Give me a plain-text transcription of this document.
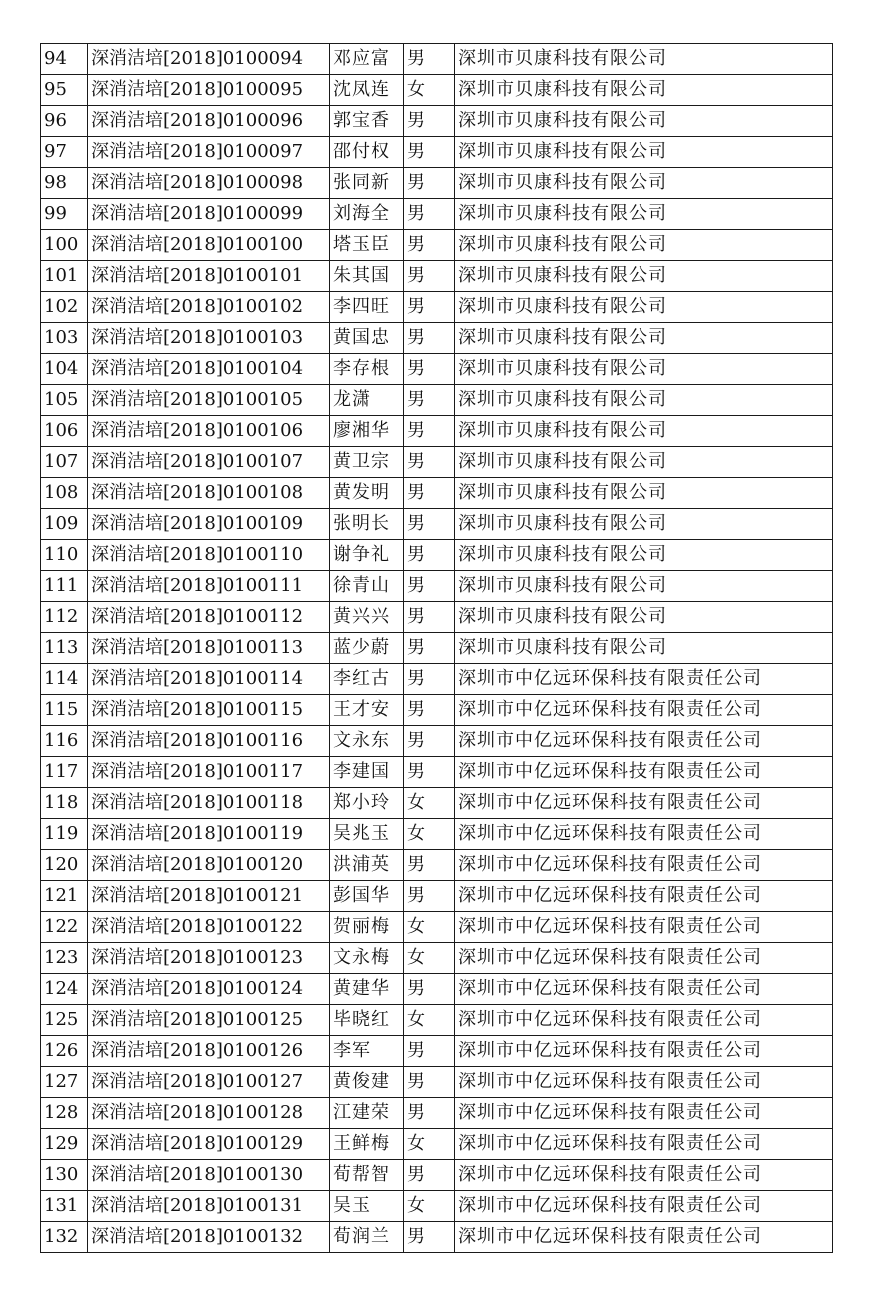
94	深消洁培[2018]0100094	邓应富	男	深圳市贝康科技有限公司
95	深消洁培[2018]0100095	沈凤连	女	深圳市贝康科技有限公司
96	深消洁培[2018]0100096	郭宝香	男	深圳市贝康科技有限公司
97	深消洁培[2018]0100097	邵付权	男	深圳市贝康科技有限公司
98	深消洁培[2018]0100098	张同新	男	深圳市贝康科技有限公司
99	深消洁培[2018]0100099	刘海全	男	深圳市贝康科技有限公司
100	深消洁培[2018]0100100	塔玉臣	男	深圳市贝康科技有限公司
101	深消洁培[2018]0100101	朱其国	男	深圳市贝康科技有限公司
102	深消洁培[2018]0100102	李四旺	男	深圳市贝康科技有限公司
103	深消洁培[2018]0100103	黄国忠	男	深圳市贝康科技有限公司
104	深消洁培[2018]0100104	李存根	男	深圳市贝康科技有限公司
105	深消洁培[2018]0100105	龙潇	男	深圳市贝康科技有限公司
106	深消洁培[2018]0100106	廖湘华	男	深圳市贝康科技有限公司
107	深消洁培[2018]0100107	黄卫宗	男	深圳市贝康科技有限公司
108	深消洁培[2018]0100108	黄发明	男	深圳市贝康科技有限公司
109	深消洁培[2018]0100109	张明长	男	深圳市贝康科技有限公司
110	深消洁培[2018]0100110	谢争礼	男	深圳市贝康科技有限公司
111	深消洁培[2018]0100111	徐青山	男	深圳市贝康科技有限公司
112	深消洁培[2018]0100112	黄兴兴	男	深圳市贝康科技有限公司
113	深消洁培[2018]0100113	蓝少蔚	男	深圳市贝康科技有限公司
114	深消洁培[2018]0100114	李红古	男	深圳市中亿远环保科技有限责任公司
115	深消洁培[2018]0100115	王才安	男	深圳市中亿远环保科技有限责任公司
116	深消洁培[2018]0100116	文永东	男	深圳市中亿远环保科技有限责任公司
117	深消洁培[2018]0100117	李建国	男	深圳市中亿远环保科技有限责任公司
118	深消洁培[2018]0100118	郑小玲	女	深圳市中亿远环保科技有限责任公司
119	深消洁培[2018]0100119	吴兆玉	女	深圳市中亿远环保科技有限责任公司
120	深消洁培[2018]0100120	洪浦英	男	深圳市中亿远环保科技有限责任公司
121	深消洁培[2018]0100121	彭国华	男	深圳市中亿远环保科技有限责任公司
122	深消洁培[2018]0100122	贺丽梅	女	深圳市中亿远环保科技有限责任公司
123	深消洁培[2018]0100123	文永梅	女	深圳市中亿远环保科技有限责任公司
124	深消洁培[2018]0100124	黄建华	男	深圳市中亿远环保科技有限责任公司
125	深消洁培[2018]0100125	毕晓红	女	深圳市中亿远环保科技有限责任公司
126	深消洁培[2018]0100126	李军	男	深圳市中亿远环保科技有限责任公司
127	深消洁培[2018]0100127	黄俊建	男	深圳市中亿远环保科技有限责任公司
128	深消洁培[2018]0100128	江建荣	男	深圳市中亿远环保科技有限责任公司
129	深消洁培[2018]0100129	王鲜梅	女	深圳市中亿远环保科技有限责任公司
130	深消洁培[2018]0100130	荀帮智	男	深圳市中亿远环保科技有限责任公司
131	深消洁培[2018]0100131	吴玉	女	深圳市中亿远环保科技有限责任公司
132	深消洁培[2018]0100132	荀润兰	男	深圳市中亿远环保科技有限责任公司
